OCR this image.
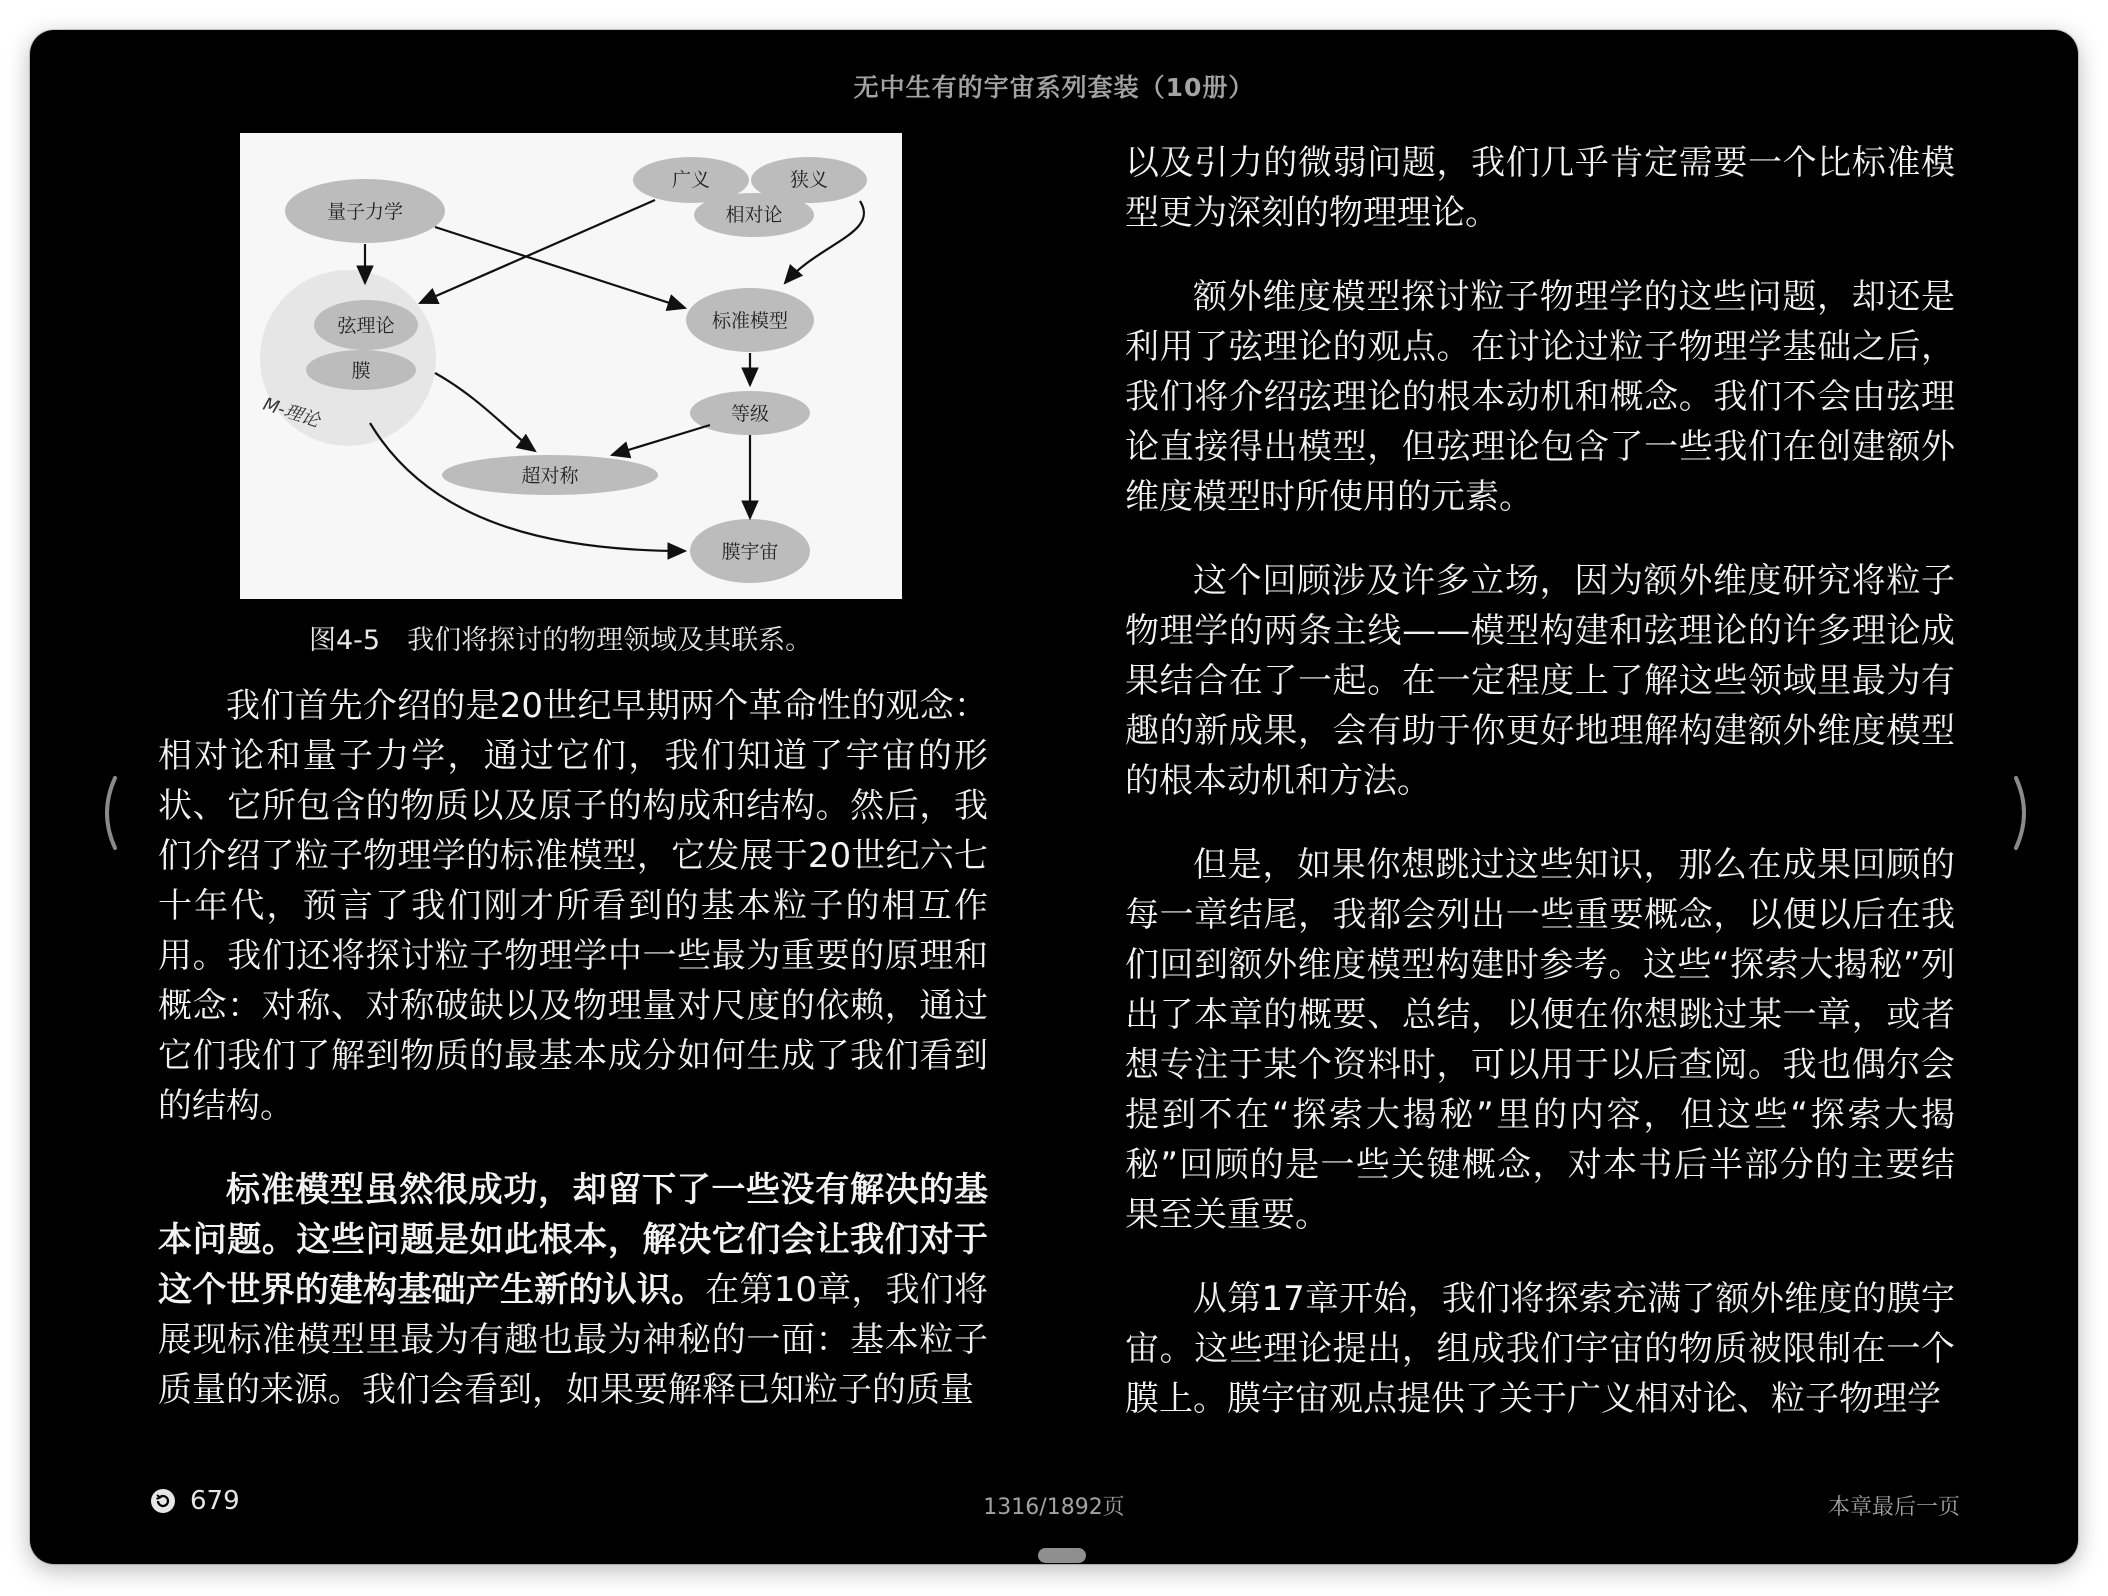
无中生有的宇宙系列套装（10册）
量子力学
广义	狭义
相对论
弦理论
膜
标准模型
等级
超对称
膜宇宙
M-理论
图4-5　我们将探讨的物理领域及其联系。

我们首先介绍的是20世纪早期两个革命性的观念：相对论和量子力学，通过它们，我们知道了宇宙的形状、它所包含的物质以及原子的构成和结构。然后，我们介绍了粒子物理学的标准模型，它发展于20世纪六七十年代，预言了我们刚才所看到的基本粒子的相互作用。我们还将探讨粒子物理学中一些最为重要的原理和概念：对称、对称破缺以及物理量对尺度的依赖，通过它们我们了解到物质的最基本成分如何生成了我们看到的结构。

标准模型虽然很成功，却留下了一些没有解决的基本问题。这些问题是如此根本，解决它们会让我们对于这个世界的建构基础产生新的认识。在第10章，我们将展现标准模型里最为有趣也最为神秘的一面：基本粒子质量的来源。我们会看到，如果要解释已知粒子的质量

以及引力的微弱问题，我们几乎肯定需要一个比标准模型更为深刻的物理理论。

额外维度模型探讨粒子物理学的这些问题，却还是利用了弦理论的观点。在讨论过粒子物理学基础之后，我们将介绍弦理论的根本动机和概念。我们不会由弦理论直接得出模型，但弦理论包含了一些我们在创建额外维度模型时所使用的元素。

这个回顾涉及许多立场，因为额外维度研究将粒子物理学的两条主线——模型构建和弦理论的许多理论成果结合在了一起。在一定程度上了解这些领域里最为有趣的新成果，会有助于你更好地理解构建额外维度模型的根本动机和方法。

但是，如果你想跳过这些知识，那么在成果回顾的每一章结尾，我都会列出一些重要概念，以便以后在我们回到额外维度模型构建时参考。这些“探索大揭秘”列出了本章的概要、总结，以便在你想跳过某一章，或者想专注于某个资料时，可以用于以后查阅。我也偶尔会提到不在“探索大揭秘”里的内容，但这些“探索大揭秘”回顾的是一些关键概念，对本书后半部分的主要结果至关重要。

从第17章开始，我们将探索充满了额外维度的膜宇宙。这些理论提出，组成我们宇宙的物质被限制在一个膜上。膜宇宙观点提供了关于广义相对论、粒子物理学

679	1316/1892页	本章最后一页
